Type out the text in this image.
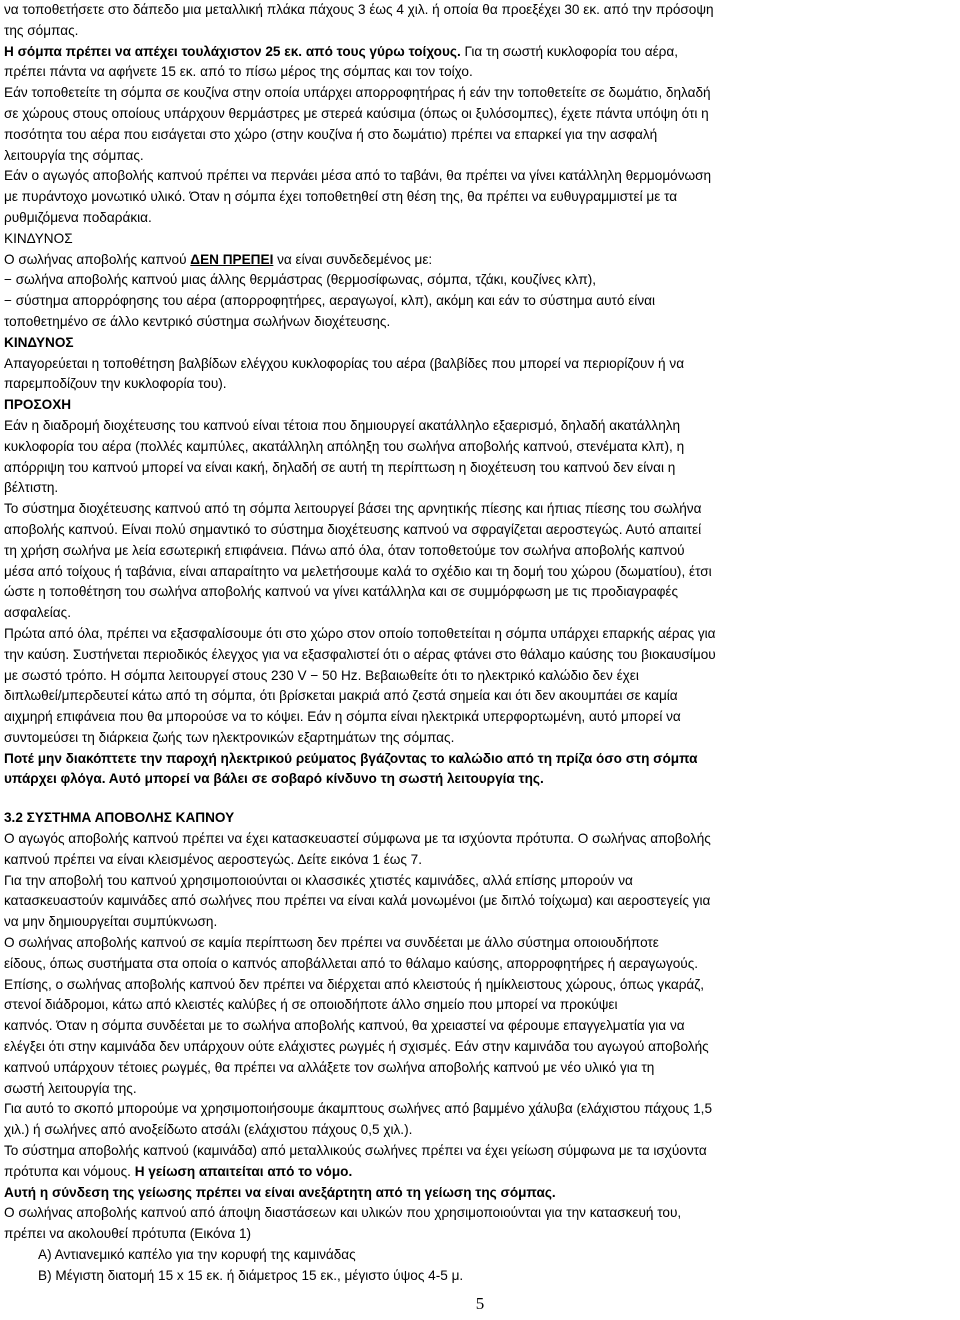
να τοποθετήσετε στο δάπεδο μια μεταλλική πλάκα πάχους 3 έως 4 χιλ. ή οποία θα προεξέχει 30 εκ. από την πρόσοψη
της σόμπας.
Η σόμπα πρέπει να απέχει τουλάχιστον 25 εκ. από τους γύρω τοίχους. Για τη σωστή κυκλοφορία του αέρα,
πρέπει πάντα να αφήνετε 15 εκ. από το πίσω μέρος της σόμπας και τον τοίχο.
Εάν τοποθετείτε τη σόμπα σε κουζίνα στην οποία υπάρχει απορροφητήρας ή εάν την τοποθετείτε σε δωμάτιο, δηλαδή
σε χώρους στους οποίους υπάρχουν θερμάστρες με στερεά καύσιμα (όπως οι ξυλόσομπες), έχετε πάντα υπόψη ότι η
ποσότητα του αέρα που εισάγεται στο χώρο (στην κουζίνα ή στο δωμάτιο) πρέπει να επαρκεί για την ασφαλή
λειτουργία της σόμπας.
Εάν ο αγωγός αποβολής καπνού πρέπει να περνάει μέσα από το ταβάνι, θα πρέπει να γίνει κατάλληλη θερμομόνωση
με πυράντοχο μονωτικό υλικό. Όταν η σόμπα έχει τοποθετηθεί στη θέση της, θα πρέπει να ευθυγραμμιστεί με τα
ρυθμιζόμενα ποδαράκια.
ΚΙΝΔΥΝΟΣ
Ο σωλήνας αποβολής καπνού ΔΕΝ ΠΡΕΠΕΙ να είναι συνδεδεμένος με:
− σωλήνα αποβολής καπνού μιας άλλης θερμάστρας (θερμοσίφωνας, σόμπα, τζάκι, κουζίνες κλπ),
− σύστημα απορρόφησης του αέρα (απορροφητήρες, αεραγωγοί, κλπ), ακόμη και εάν το σύστημα αυτό είναι
τοποθετημένο σε άλλο κεντρικό σύστημα σωλήνων διοχέτευσης.
ΚΙΝΔΥΝΟΣ
Απαγορεύεται η τοποθέτηση βαλβίδων ελέγχου κυκλοφορίας του αέρα (βαλβίδες που μπορεί να περιορίζουν ή να
παρεμποδίζουν την κυκλοφορία του).
ΠΡΟΣΟΧΗ
Εάν η διαδρομή διοχέτευσης του καπνού είναι τέτοια που δημιουργεί ακατάλληλο εξαερισμό, δηλαδή ακατάλληλη
κυκλοφορία του αέρα (πολλές καμπύλες, ακατάλληλη απόληξη του σωλήνα αποβολής καπνού, στενέματα κλπ), η
απόρριψη του καπνού μπορεί να είναι κακή, δηλαδή σε αυτή τη περίπτωση η διοχέτευση του καπνού δεν είναι η
βέλτιστη.
Το σύστημα διοχέτευσης καπνού από τη σόμπα λειτουργεί βάσει της αρνητικής πίεσης και ήπιας πίεσης του σωλήνα
αποβολής καπνού. Είναι πολύ σημαντικό το σύστημα διοχέτευσης καπνού να σφραγίζεται αεροστεγώς. Αυτό απαιτεί
τη χρήση σωλήνα με λεία εσωτερική επιφάνεια. Πάνω από όλα, όταν τοποθετούμε τον σωλήνα αποβολής καπνού
μέσα από τοίχους ή ταβάνια, είναι απαραίτητο να μελετήσουμε καλά το σχέδιο και τη δομή του χώρου (δωματίου), έτσι
ώστε η τοποθέτηση του σωλήνα αποβολής καπνού να γίνει κατάλληλα και σε συμμόρφωση με τις προδιαγραφές
ασφαλείας.
Πρώτα από όλα, πρέπει να εξασφαλίσουμε ότι στο χώρο στον οποίο τοποθετείται η σόμπα υπάρχει επαρκής αέρας για
την καύση. Συστήνεται περιοδικός έλεγχος για να εξασφαλιστεί ότι ο αέρας φτάνει στο θάλαμο καύσης του βιοκαυσίμου
με σωστό τρόπο. Η σόμπα λειτουργεί στους 230 V − 50 Hz. Βεβαιωθείτε ότι το ηλεκτρικό καλώδιο δεν έχει
διπλωθεί/μπερδευτεί κάτω από τη σόμπα, ότι βρίσκεται μακριά από ζεστά σημεία και ότι δεν ακουμπάει σε καμία
αιχμηρή επιφάνεια που θα μπορούσε να το κόψει. Εάν η σόμπα είναι ηλεκτρικά υπερφορτωμένη, αυτό μπορεί να
συντομεύσει τη διάρκεια ζωής των ηλεκτρονικών εξαρτημάτων της σόμπας.
Ποτέ μην διακόπτετε την παροχή ηλεκτρικού ρεύματος βγάζοντας το καλώδιο από τη πρίζα όσο στη σόμπα
υπάρχει φλόγα. Αυτό μπορεί να βάλει σε σοβαρό κίνδυνο τη σωστή λειτουργία της.
3.2 ΣΥΣΤΗΜΑ ΑΠΟΒΟΛΗΣ ΚΑΠΝΟΥ
Ο αγωγός αποβολής καπνού πρέπει να έχει κατασκευαστεί σύμφωνα με τα ισχύοντα πρότυπα. Ο σωλήνας αποβολής
καπνού πρέπει να είναι κλεισμένος αεροστεγώς. Δείτε εικόνα 1 έως 7.
Για την αποβολή του καπνού χρησιμοποιούνται οι κλασσικές χτιστές καμινάδες, αλλά επίσης μπορούν να
κατασκευαστούν καμινάδες από σωλήνες που πρέπει να είναι καλά μονωμένοι (με διπλό τοίχωμα) και αεροστεγείς για
να μην δημιουργείται συμπύκνωση.
Ο σωλήνας αποβολής καπνού σε καμία περίπτωση δεν πρέπει να συνδέεται με άλλο σύστημα οποιουδήποτε
είδους, όπως συστήματα στα οποία ο καπνός αποβάλλεται από το θάλαμο καύσης, απορροφητήρες ή αεραγωγούς.
Επίσης, ο σωλήνας αποβολής καπνού δεν πρέπει να διέρχεται από κλειστούς ή ημίκλειστους χώρους, όπως γκαράζ,
στενοί διάδρομοι, κάτω από κλειστές καλύβες ή σε οποιοδήποτε άλλο σημείο που μπορεί να προκύψει
καπνός. Όταν η σόμπα συνδέεται με το σωλήνα αποβολής καπνού, θα χρειαστεί να φέρουμε επαγγελματία για να
ελέγξει ότι στην καμινάδα δεν υπάρχουν ούτε ελάχιστες ρωγμές ή σχισμές. Εάν στην καμινάδα του αγωγού αποβολής
καπνού υπάρχουν τέτοιες ρωγμές, θα πρέπει να αλλάξετε τον σωλήνα αποβολής καπνού με νέο υλικό για τη
σωστή λειτουργία της.
Για αυτό το σκοπό μπορούμε να χρησιμοποιήσουμε άκαμπτους σωλήνες από βαμμένο χάλυβα (ελάχιστου πάχους 1,5
χιλ.) ή σωλήνες από ανοξείδωτο ατσάλι (ελάχιστου πάχους 0,5 χιλ.).
Το σύστημα αποβολής καπνού (καμινάδα) από μεταλλικούς σωλήνες πρέπει να έχει γείωση σύμφωνα με τα ισχύοντα
πρότυπα και νόμους. Η γείωση απαιτείται από το νόμο.
Αυτή η σύνδεση της γείωσης πρέπει να είναι ανεξάρτητη από τη γείωση της σόμπας.
Ο σωλήνας αποβολής καπνού από άποψη διαστάσεων και υλικών που χρησιμοποιούνται για την κατασκευή του,
πρέπει να ακολουθεί πρότυπα (Εικόνα 1)
Α) Αντιανεμικό καπέλο για την κορυφή της καμινάδας
Β) Μέγιστη διατομή 15 x 15 εκ. ή διάμετρος 15 εκ., μέγιστο ύψος 4-5 μ.
5
